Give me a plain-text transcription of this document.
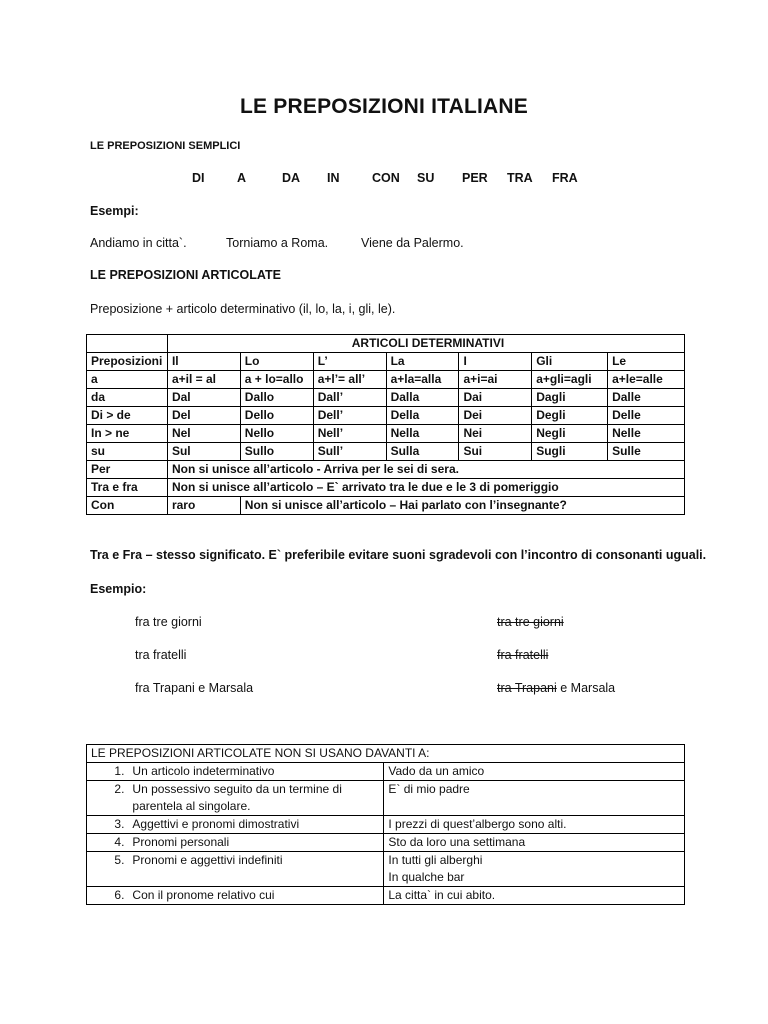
LE PREPOSIZIONI ITALIANE
LE PREPOSIZIONI SEMPLICI
DI	A	DA IN	CON SU PER TRA FRA
Esempi:
Andiamo in citta`.	Torniamo a Roma.	Viene da Palermo.
LE PREPOSIZIONI ARTICOLATE
Preposizione + articolo determinativo (il, lo, la, i, gli, le).
	ARTICOLI DETERMINATIVI						
Preposizioni	Il	Lo	L’	La	I	Gli	Le
a	a+il = al	a + lo=allo	a+l’= all’	a+la=alla	a+i=ai	a+gli=agli	a+le=alle
da	Dal	Dallo	Dall’	Dalla	Dai	Dagli	Dalle
Di > de	Del	Dello	Dell’	Della	Dei	Degli	Delle
In > ne	Nel	Nello	Nell’	Nella	Nei	Negli	Nelle
su	Sul	Sullo	Sull’	Sulla	Sui	Sugli	Sulle
Per	Non si unisce all’articolo - Arriva per le sei di sera.						
Tra e fra	Non si unisce all’articolo – E` arrivato tra le due e le 3 di pomeriggio						
Con	raro	Non si unisce all’articolo – Hai parlato con l’insegnante?					
Tra e Fra – stesso significato. E` preferibile evitare suoni sgradevoli con l’incontro di consonanti uguali.
Esempio:
fra tre giorni	tra tre giorni
tra fratelli	fra fratelli
fra Trapani e Marsala	tra Trapani e Marsala
LE PREPOSIZIONI ARTICOLATE NON SI USANO DAVANTI A:		
1.	Un articolo indeterminativo	Vado da un amico
2.	Un possessivo seguito da un termine di parentela al singolare.	E` di mio padre
3.	Aggettivi e pronomi dimostrativi	I prezzi di quest’albergo sono alti.
4.	Pronomi personali	Sto da loro una settimana
5.	Pronomi e aggettivi indefiniti	In tutti gli alberghi
In qualche bar

6.	Con il pronome relativo cui	La citta` in cui abito.
